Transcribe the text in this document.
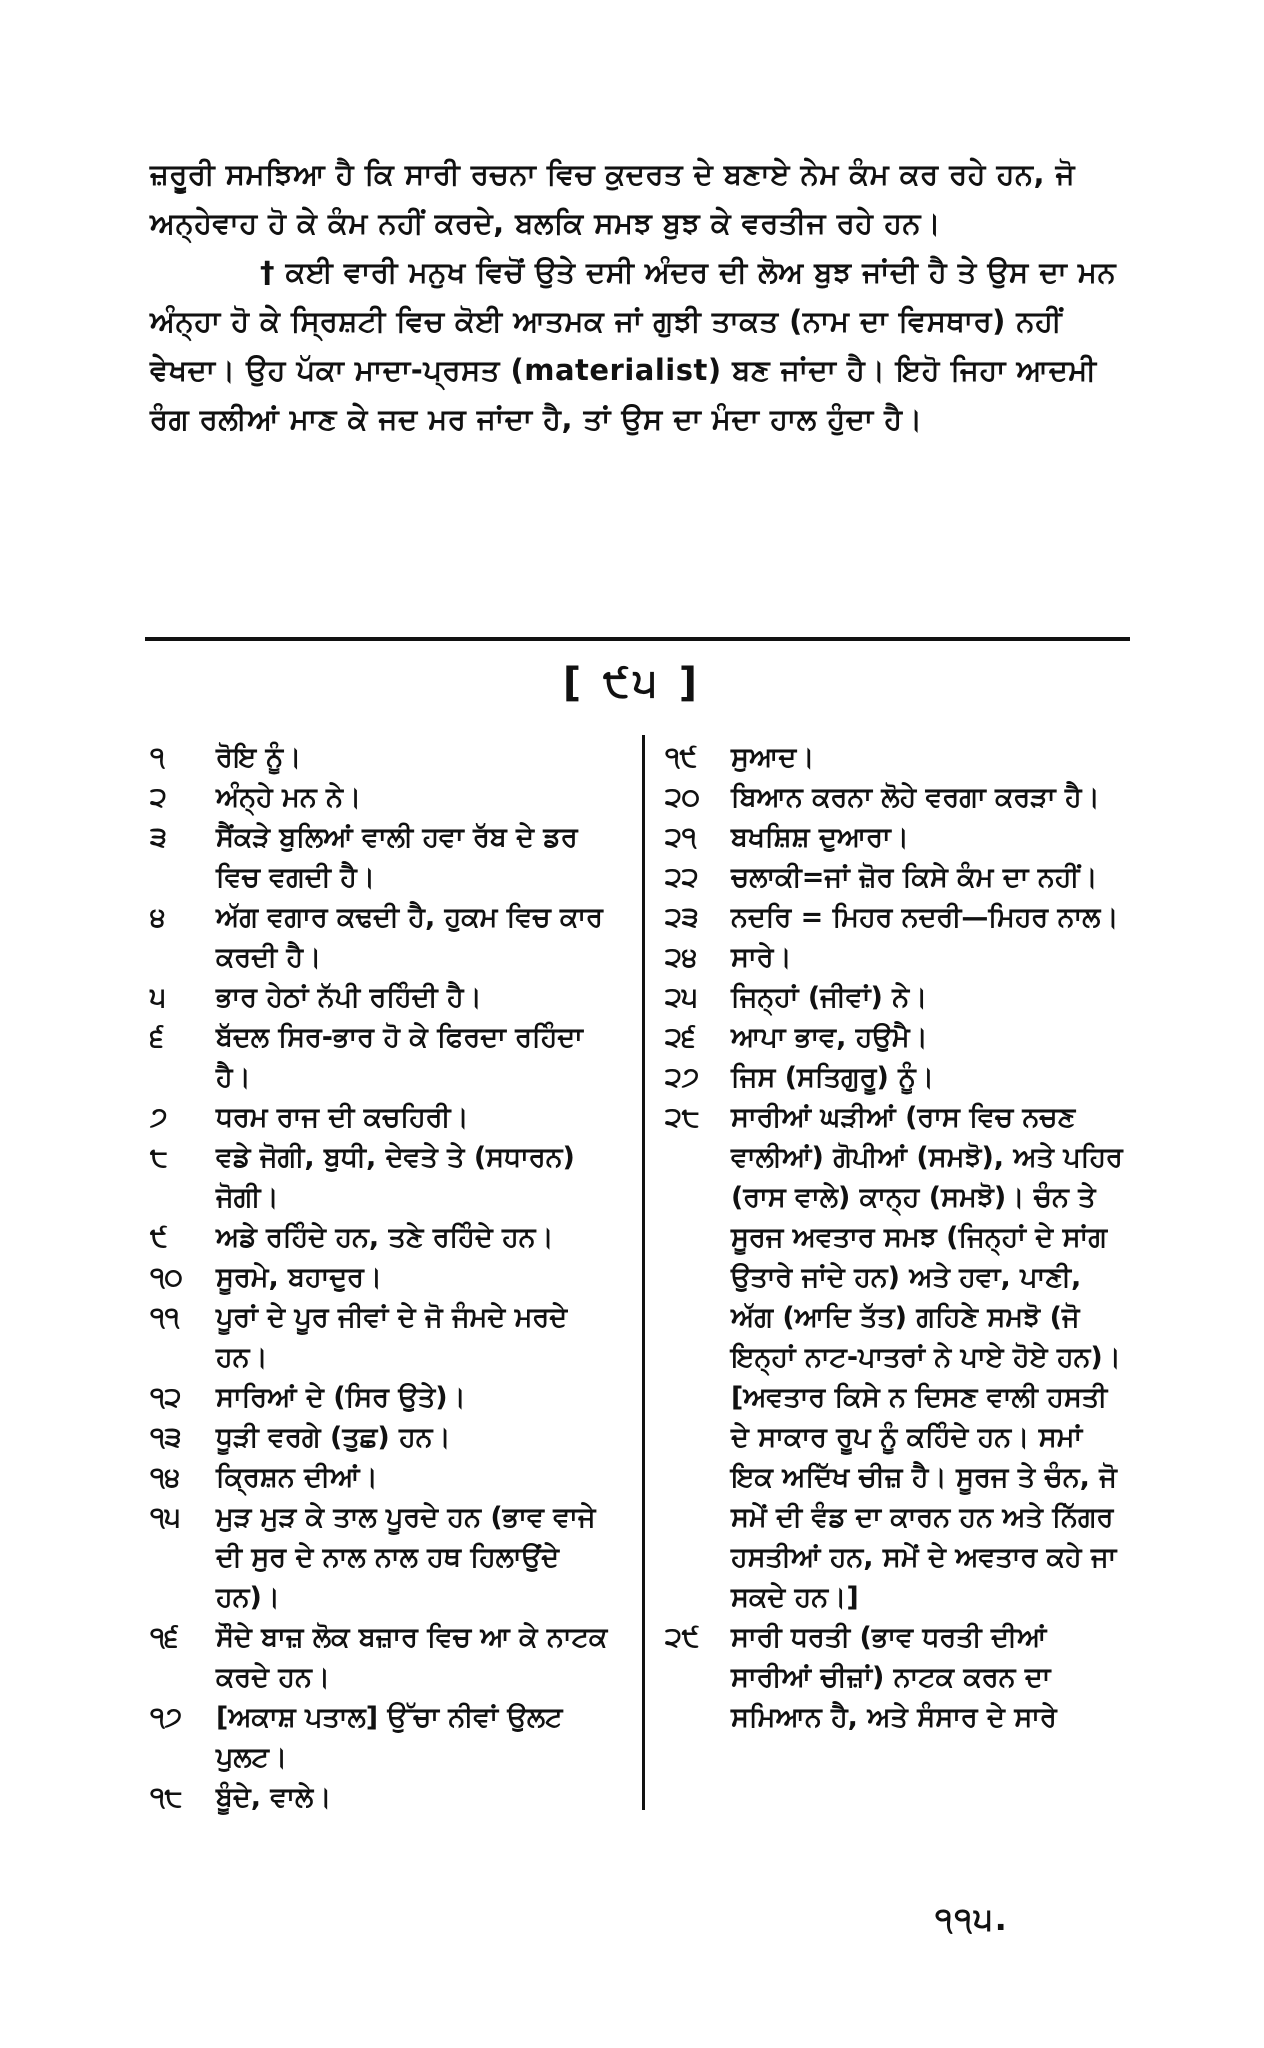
ਜ਼ਰੂਰੀ ਸਮਝਿਆ ਹੈ ਕਿ ਸਾਰੀ ਰਚਨਾ ਵਿਚ ਕੁਦਰਤ ਦੇ ਬਣਾਏ ਨੇਮ ਕੰਮ ਕਰ ਰਹੇ ਹਨ, ਜੋ ਅਨ੍ਹੇਵਾਹ ਹੋ ਕੇ ਕੰਮ ਨਹੀਂ ਕਰਦੇ, ਬਲਕਿ ਸਮਝ ਬੁਝ ਕੇ ਵਰਤੀਜ ਰਹੇ ਹਨ।

† ਕਈ ਵਾਰੀ ਮਨੁਖ ਵਿਚੋਂ ਉਤੇ ਦਸੀ ਅੰਦਰ ਦੀ ਲੋਅ ਬੁਝ ਜਾਂਦੀ ਹੈ ਤੇ ਉਸ ਦਾ ਮਨ ਅੰਨ੍ਹਾ ਹੋ ਕੇ ਸ੍ਰਿਸ਼ਟੀ ਵਿਚ ਕੋਈ ਆਤਮਕ ਜਾਂ ਗੁਝੀ ਤਾਕਤ (ਨਾਮ ਦਾ ਵਿਸਥਾਰ) ਨਹੀਂ ਵੇਖਦਾ। ਉਹ ਪੱਕਾ ਮਾਦਾ-ਪ੍ਰਸਤ (materialist) ਬਣ ਜਾਂਦਾ ਹੈ। ਇਹੋ ਜਿਹਾ ਆਦਮੀ ਰੰਗ ਰਲੀਆਂ ਮਾਣ ਕੇ ਜਦ ਮਰ ਜਾਂਦਾ ਹੈ, ਤਾਂ ਉਸ ਦਾ ਮੰਦਾ ਹਾਲ ਹੁੰਦਾ ਹੈ।

[ ੯੫ ]

੧ ਰੋਇ ਨੂੰ।

੨ ਅੰਨ੍ਹੇ ਮਨ ਨੇ।

੩ ਸੈਂਕੜੇ ਬੁਲਿਆਂ ਵਾਲੀ ਹਵਾ ਰੱਬ ਦੇ ਡਰ ਵਿਚ ਵਗਦੀ ਹੈ।

੪ ਅੱਗ ਵਗਾਰ ਕਢਦੀ ਹੈ, ਹੁਕਮ ਵਿਚ ਕਾਰ ਕਰਦੀ ਹੈ।

੫ ਭਾਰ ਹੇਠਾਂ ਨੱਪੀ ਰਹਿੰਦੀ ਹੈ।

੬ ਬੱਦਲ ਸਿਰ-ਭਾਰ ਹੋ ਕੇ ਫਿਰਦਾ ਰਹਿੰਦਾ ਹੈ।

੭ ਧਰਮ ਰਾਜ ਦੀ ਕਚਹਿਰੀ।

੮ ਵਡੇ ਜੋਗੀ, ਬੁਧੀ, ਦੇਵਤੇ ਤੇ (ਸਧਾਰਨ) ਜੋਗੀ।

੯ ਅਡੇ ਰਹਿੰਦੇ ਹਨ, ਤਣੇ ਰਹਿੰਦੇ ਹਨ।

੧੦ ਸੂਰਮੇ, ਬਹਾਦੁਰ।

੧੧ ਪੂਰਾਂ ਦੇ ਪੂਰ ਜੀਵਾਂ ਦੇ ਜੋ ਜੰਮਦੇ ਮਰਦੇ ਹਨ।

੧੨ ਸਾਰਿਆਂ ਦੇ (ਸਿਰ ਉਤੇ)।

੧੩ ਧੂੜੀ ਵਰਗੇ (ਤੁਛ) ਹਨ।

੧੪ ਕ੍ਰਿਸ਼ਨ ਦੀਆਂ।

੧੫ ਮੁੜ ਮੁੜ ਕੇ ਤਾਲ ਪੂਰਦੇ ਹਨ (ਭਾਵ ਵਾਜੇ ਦੀ ਸੁਰ ਦੇ ਨਾਲ ਨਾਲ ਹਥ ਹਿਲਾਉਂਦੇ ਹਨ)।

੧੬ ਸੌਦੇ ਬਾਜ਼ ਲੋਕ ਬਜ਼ਾਰ ਵਿਚ ਆ ਕੇ ਨਾਟਕ ਕਰਦੇ ਹਨ।

੧੭ [ਅਕਾਸ਼ ਪਤਾਲ] ਉੱਚਾ ਨੀਵਾਂ ਉਲਟ ਪੁਲਟ।

੧੮ ਬੂੰਦੇ, ਵਾਲੇ।

੧੯ ਸੁਆਦ।

੨੦ ਬਿਆਨ ਕਰਨਾ ਲੋਹੇ ਵਰਗਾ ਕਰੜਾ ਹੈ।

੨੧ ਬਖਸ਼ਿਸ਼ ਦੁਆਰਾ।

੨੨ ਚਲਾਕੀ=ਜਾਂ ਜ਼ੋਰ ਕਿਸੇ ਕੰਮ ਦਾ ਨਹੀਂ।

੨੩ ਨਦਰਿ = ਮਿਹਰ ਨਦਰੀ—ਮਿਹਰ ਨਾਲ।

੨੪ ਸਾਰੇ।

੨੫ ਜਿਨ੍ਹਾਂ (ਜੀਵਾਂ) ਨੇ।

੨੬ ਆਪਾ ਭਾਵ, ਹਉਮੈ।

੨੭ ਜਿਸ (ਸਤਿਗੁਰੂ) ਨੂੰ।

੨੮ ਸਾਰੀਆਂ ਘੜੀਆਂ (ਰਾਸ ਵਿਚ ਨਚਣ ਵਾਲੀਆਂ) ਗੋਪੀਆਂ (ਸਮਝੋ), ਅਤੇ ਪਹਿਰ (ਰਾਸ ਵਾਲੇ) ਕਾਨ੍ਹ (ਸਮਝੋ)। ਚੰਨ ਤੇ ਸੂਰਜ ਅਵਤਾਰ ਸਮਝ (ਜਿਨ੍ਹਾਂ ਦੇ ਸਾਂਗ ਉਤਾਰੇ ਜਾਂਦੇ ਹਨ) ਅਤੇ ਹਵਾ, ਪਾਣੀ, ਅੱਗ (ਆਦਿ ਤੱਤ) ਗਹਿਣੇ ਸਮਝੋ (ਜੋ ਇਨ੍ਹਾਂ ਨਾਟ-ਪਾਤਰਾਂ ਨੇ ਪਾਏ ਹੋਏ ਹਨ)। [ਅਵਤਾਰ ਕਿਸੇ ਨ ਦਿਸਣ ਵਾਲੀ ਹਸਤੀ ਦੇ ਸਾਕਾਰ ਰੂਪ ਨੂੰ ਕਹਿੰਦੇ ਹਨ। ਸਮਾਂ ਇਕ ਅਦਿੱਖ ਚੀਜ਼ ਹੈ। ਸੂਰਜ ਤੇ ਚੰਨ, ਜੋ ਸਮੇਂ ਦੀ ਵੰਡ ਦਾ ਕਾਰਨ ਹਨ ਅਤੇ ਨਿੱਗਰ ਹਸਤੀਆਂ ਹਨ, ਸਮੇਂ ਦੇ ਅਵਤਾਰ ਕਹੇ ਜਾ ਸਕਦੇ ਹਨ।]

੨੯ ਸਾਰੀ ਧਰਤੀ (ਭਾਵ ਧਰਤੀ ਦੀਆਂ ਸਾਰੀਆਂ ਚੀਜ਼ਾਂ) ਨਾਟਕ ਕਰਨ ਦਾ ਸਮਿਆਨ ਹੈ, ਅਤੇ ਸੰਸਾਰ ਦੇ ਸਾਰੇ

੧੧੫.
